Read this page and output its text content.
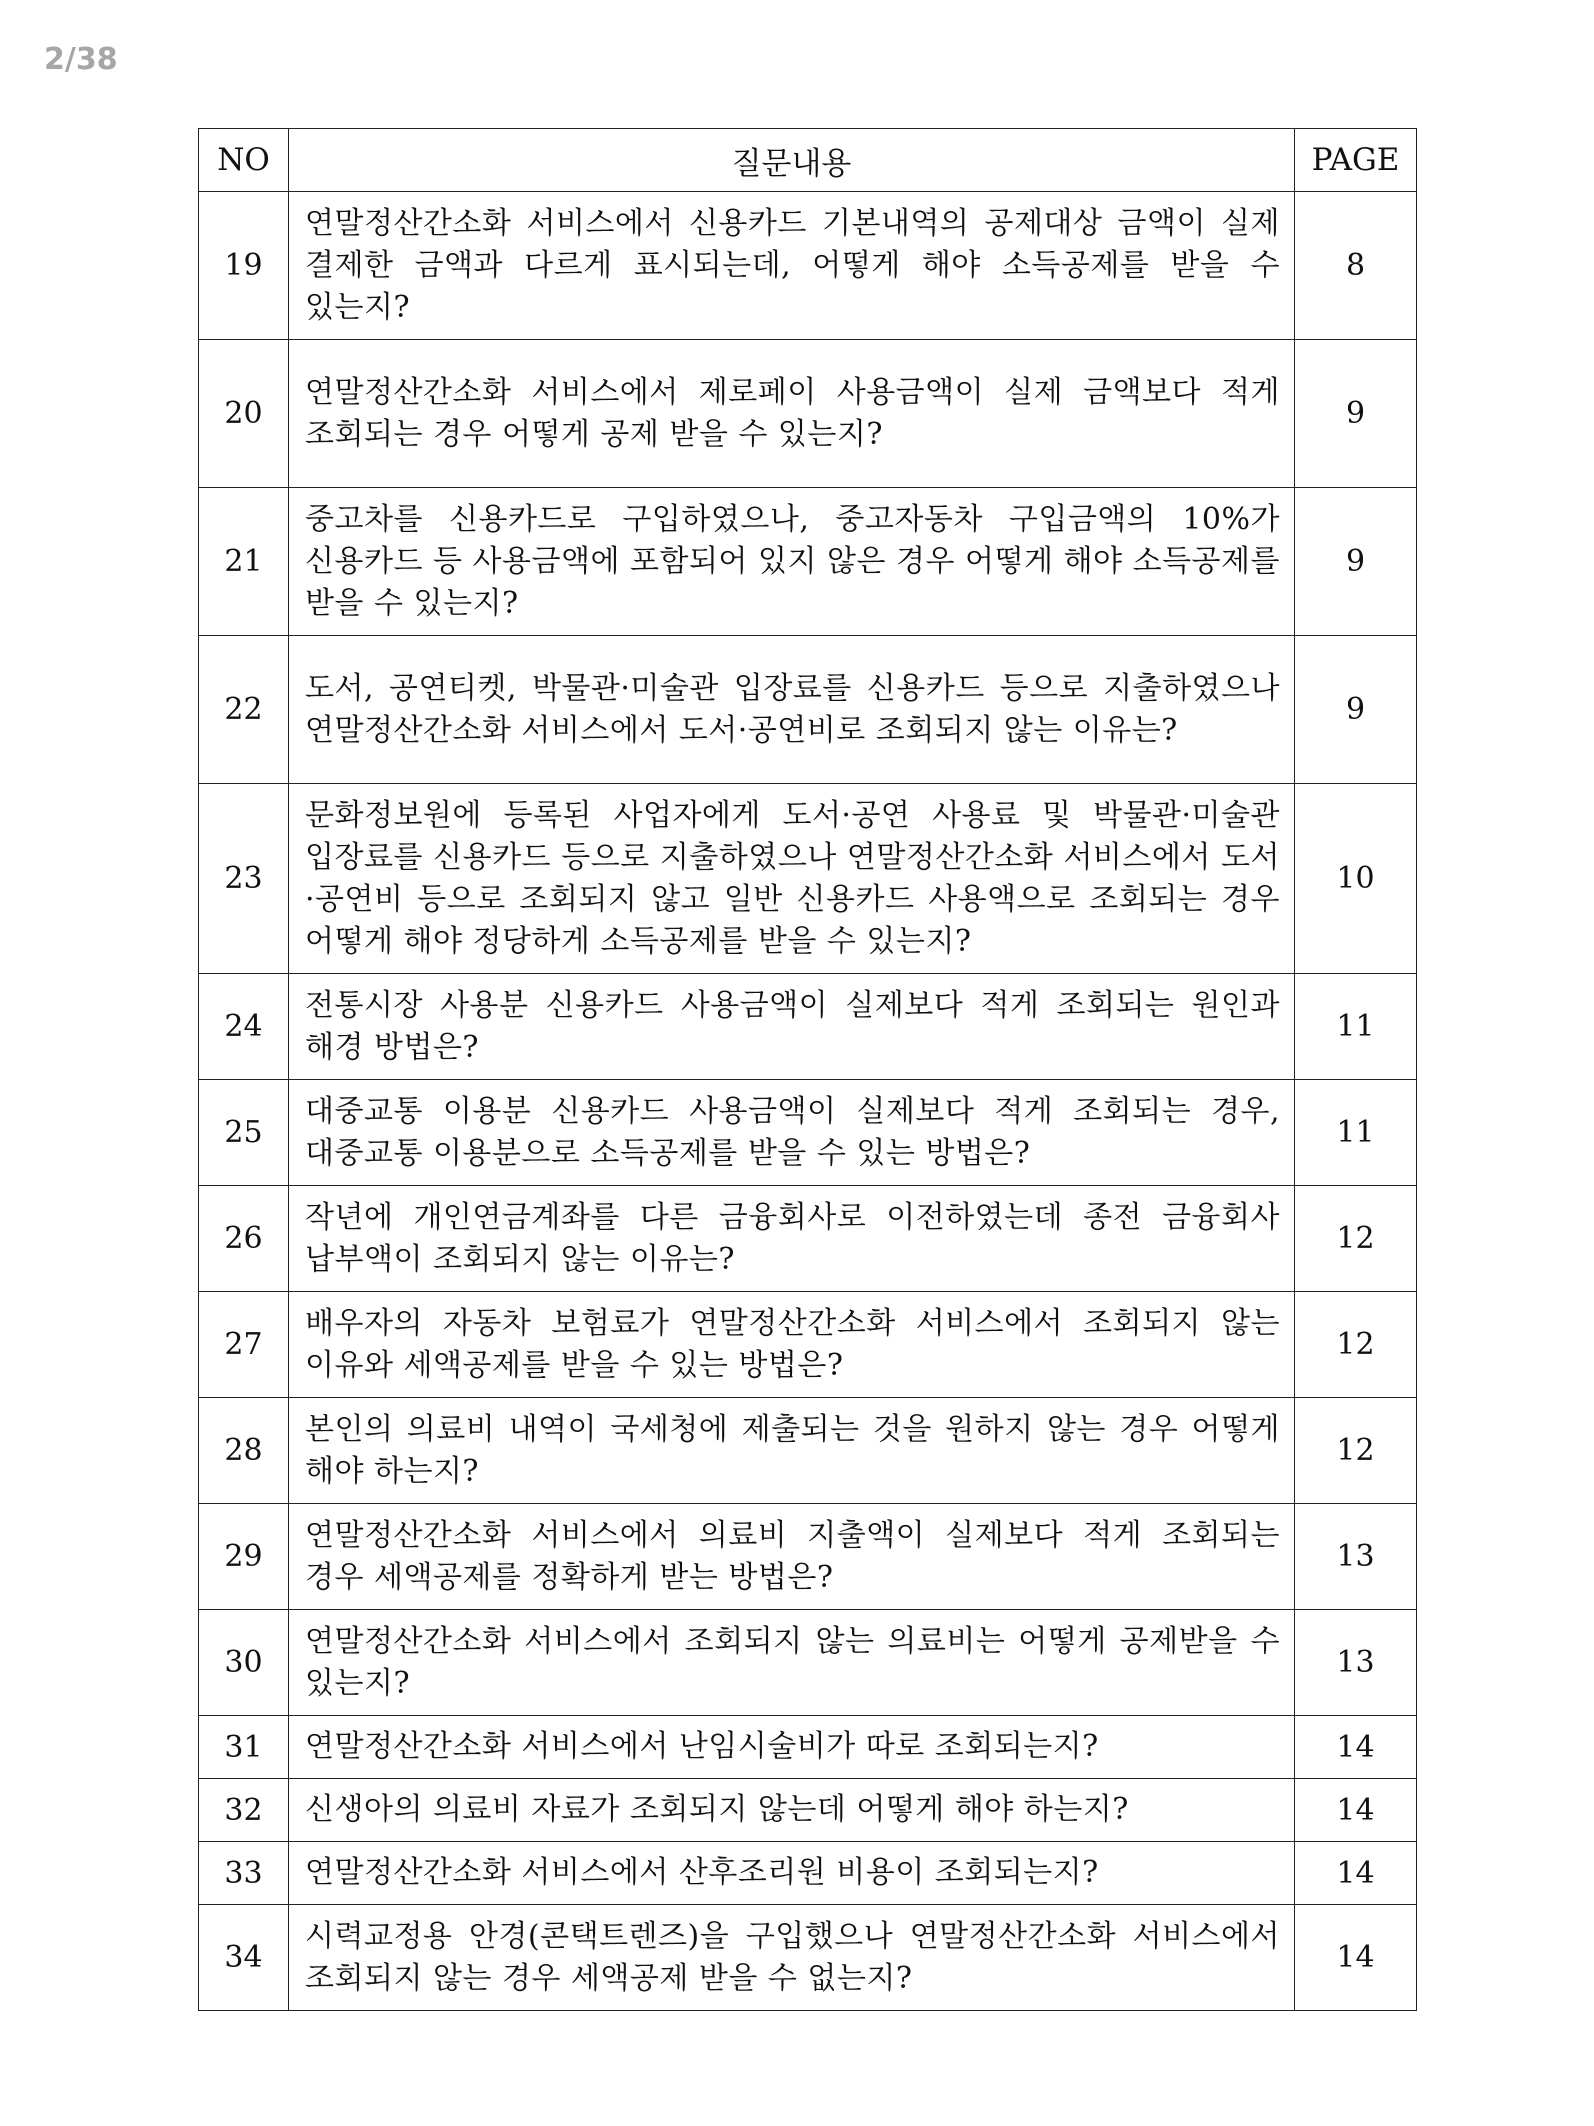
2/38
NO	질문내용	PAGE
19	연말정산간소화 서비스에서 신용카드 기본내역의 공제대상 금액이 실제 결제한 금액과 다르게 표시되는데, 어떻게 해야 소득공제를 받을 수 있는지?	8
20	연말정산간소화 서비스에서 제로페이 사용금액이 실제 금액보다 적게 조회되는 경우 어떻게 공제 받을 수 있는지?	9
21	중고차를 신용카드로 구입하였으나, 중고자동차 구입금액의 10%가 신용카드 등 사용금액에 포함되어 있지 않은 경우 어떻게 해야 소득공제를 받을 수 있는지?	9
22	도서, 공연티켓, 박물관·미술관 입장료를 신용카드 등으로 지출하였으나 연말정산간소화 서비스에서 도서·공연비로 조회되지 않는 이유는?	9
23	문화정보원에 등록된 사업자에게 도서·공연 사용료 및 박물관·미술관 입장료를 신용카드 등으로 지출하였으나 연말정산간소화 서비스에서 도서·공연비 등으로 조회되지 않고 일반 신용카드 사용액으로 조회되는 경우 어떻게 해야 정당하게 소득공제를 받을 수 있는지?	10
24	전통시장 사용분 신용카드 사용금액이 실제보다 적게 조회되는 원인과 해경 방법은?	11
25	대중교통 이용분 신용카드 사용금액이 실제보다 적게 조회되는 경우, 대중교통 이용분으로 소득공제를 받을 수 있는 방법은?	11
26	작년에 개인연금계좌를 다른 금융회사로 이전하였는데 종전 금융회사 납부액이 조회되지 않는 이유는?	12
27	배우자의 자동차 보험료가 연말정산간소화 서비스에서 조회되지 않는 이유와 세액공제를 받을 수 있는 방법은?	12
28	본인의 의료비 내역이 국세청에 제출되는 것을 원하지 않는 경우 어떻게 해야 하는지?	12
29	연말정산간소화 서비스에서 의료비 지출액이 실제보다 적게 조회되는 경우 세액공제를 정확하게 받는 방법은?	13
30	연말정산간소화 서비스에서 조회되지 않는 의료비는 어떻게 공제받을 수 있는지?	13
31	연말정산간소화 서비스에서 난임시술비가 따로 조회되는지?	14
32	신생아의 의료비 자료가 조회되지 않는데 어떻게 해야 하는지?	14
33	연말정산간소화 서비스에서 산후조리원 비용이 조회되는지?	14
34	시력교정용 안경(콘택트렌즈)을 구입했으나 연말정산간소화 서비스에서 조회되지 않는 경우 세액공제 받을 수 없는지?	14
